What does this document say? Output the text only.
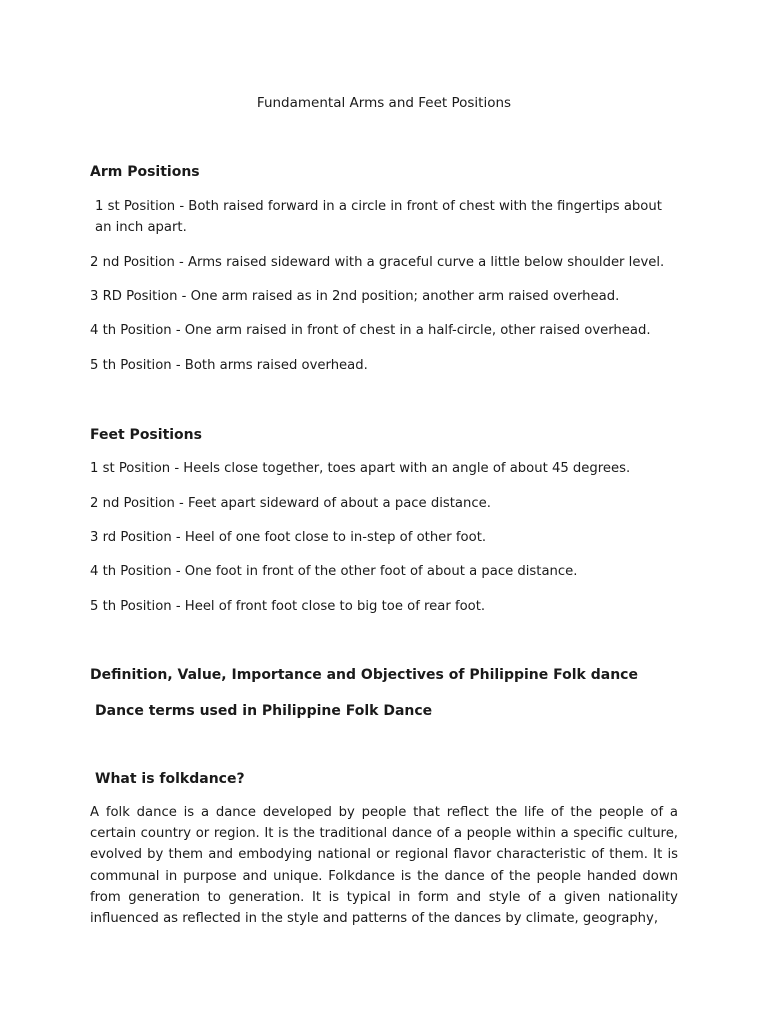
Fundamental Arms and Feet Positions
Arm Positions
1 st Position - Both raised forward in a circle in front of chest with the fingertips about an inch apart.
2 nd Position - Arms raised sideward with a graceful curve a little below shoulder level.
3 RD Position - One arm raised as in 2nd position; another arm raised overhead.
4 th Position - One arm raised in front of chest in a half-circle, other raised overhead.
5 th Position - Both arms raised overhead.
Feet Positions
1 st Position - Heels close together, toes apart with an angle of about 45 degrees.
2 nd Position - Feet apart sideward of about a pace distance.
3 rd Position - Heel of one foot close to in-step of other foot.
4 th Position - One foot in front of the other foot of about a pace distance.
5 th Position - Heel of front foot close to big toe of rear foot.
Definition, Value, Importance and Objectives of Philippine Folk dance
Dance terms used in Philippine Folk Dance
What is folkdance?
A folk dance is a dance developed by people that reflect the life of the people of a certain country or region. It is the traditional dance of a people within a specific culture, evolved by them and embodying national or regional flavor characteristic of them. It is communal in purpose and unique. Folkdance is the dance of the people handed down from generation to generation. It is typical in form and style of a given nationality influenced as reflected in the style and patterns of the dances by climate, geography,
